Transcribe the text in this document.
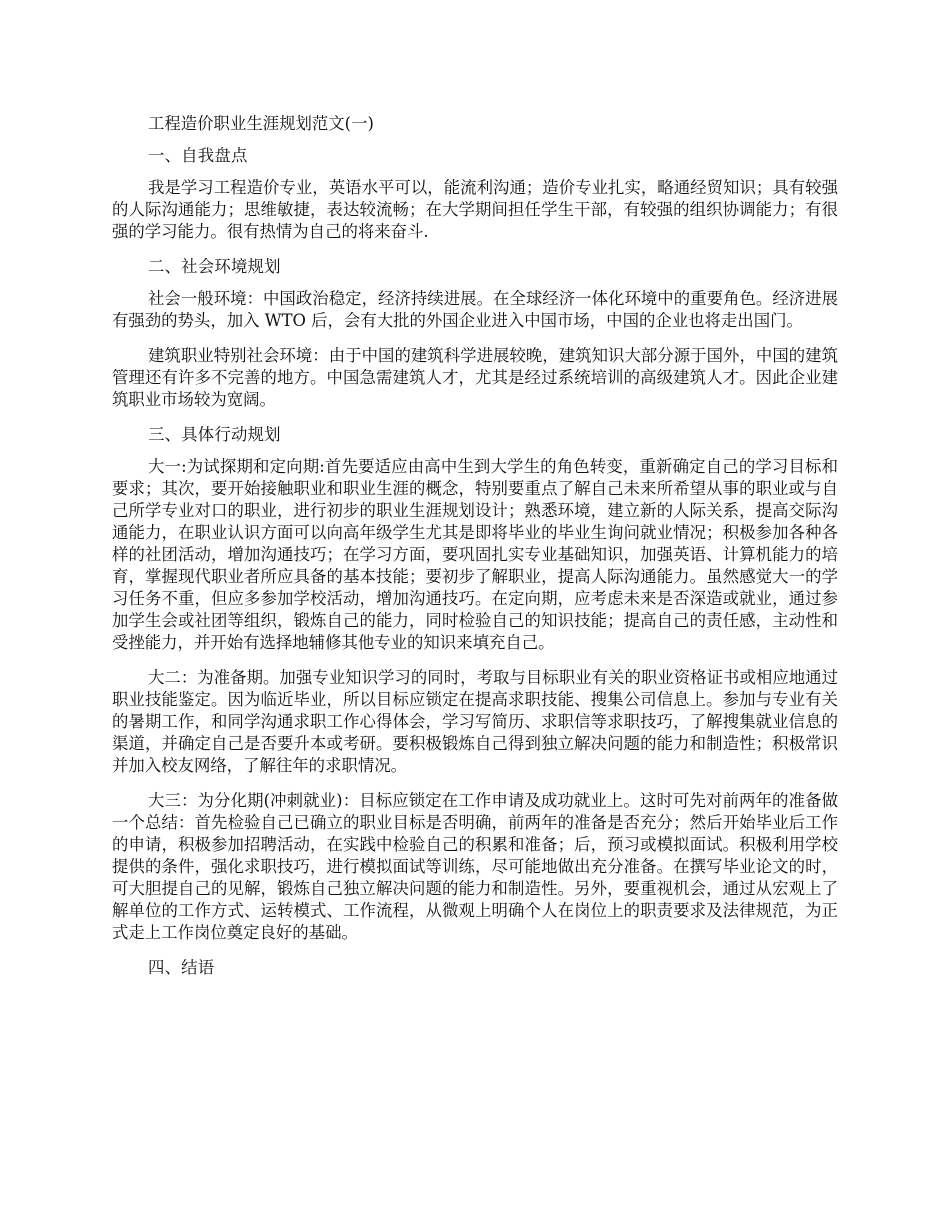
工程造价职业生涯规划范文(一)

一、自我盘点

我是学习工程造价专业，英语水平可以，能流利沟通；造价专业扎实，略通经贸知识；具有较强的人际沟通能力；思维敏捷，表达较流畅；在大学期间担任学生干部，有较强的组织协调能力；有很强的学习能力。很有热情为自己的将来奋斗.

二、社会环境规划

社会一般环境：中国政治稳定，经济持续进展。在全球经济一体化环境中的重要角色。经济进展有强劲的势头，加入 WTO 后，会有大批的外国企业进入中国市场，中国的企业也将走出国门。

建筑职业特别社会环境：由于中国的建筑科学进展较晚，建筑知识大部分源于国外，中国的建筑管理还有许多不完善的地方。中国急需建筑人才，尤其是经过系统培训的高级建筑人才。因此企业建筑职业市场较为宽阔。

三、具体行动规划

大一:为试探期和定向期:首先要适应由高中生到大学生的角色转变，重新确定自己的学习目标和要求；其次，要开始接触职业和职业生涯的概念，特别要重点了解自己未来所希望从事的职业或与自己所学专业对口的职业，进行初步的职业生涯规划设计；熟悉环境，建立新的人际关系，提高交际沟通能力，在职业认识方面可以向高年级学生尤其是即将毕业的毕业生询问就业情况；积极参加各种各样的社团活动，增加沟通技巧；在学习方面，要巩固扎实专业基础知识，加强英语、计算机能力的培育，掌握现代职业者所应具备的基本技能；要初步了解职业，提高人际沟通能力。虽然感觉大一的学习任务不重，但应多参加学校活动，增加沟通技巧。在定向期，应考虑未来是否深造或就业，通过参加学生会或社团等组织，锻炼自己的能力，同时检验自己的知识技能；提高自己的责任感，主动性和受挫能力，并开始有选择地辅修其他专业的知识来填充自己。

大二：为准备期。加强专业知识学习的同时，考取与目标职业有关的职业资格证书或相应地通过职业技能鉴定。因为临近毕业，所以目标应锁定在提高求职技能、搜集公司信息上。参加与专业有关的暑期工作，和同学沟通求职工作心得体会，学习写简历、求职信等求职技巧，了解搜集就业信息的渠道，并确定自己是否要升本或考研。要积极锻炼自己得到独立解决问题的能力和制造性；积极常识并加入校友网络，了解往年的求职情况。

大三：为分化期(冲刺就业)：目标应锁定在工作申请及成功就业上。这时可先对前两年的准备做一个总结：首先检验自己已确立的职业目标是否明确，前两年的准备是否充分；然后开始毕业后工作的申请，积极参加招聘活动，在实践中检验自己的积累和准备；后，预习或模拟面试。积极利用学校提供的条件，强化求职技巧，进行模拟面试等训练，尽可能地做出充分准备。在撰写毕业论文的时，可大胆提自己的见解，锻炼自己独立解决问题的能力和制造性。另外，要重视机会，通过从宏观上了解单位的工作方式、运转模式、工作流程，从微观上明确个人在岗位上的职责要求及法律规范，为正式走上工作岗位奠定良好的基础。

四、结语
